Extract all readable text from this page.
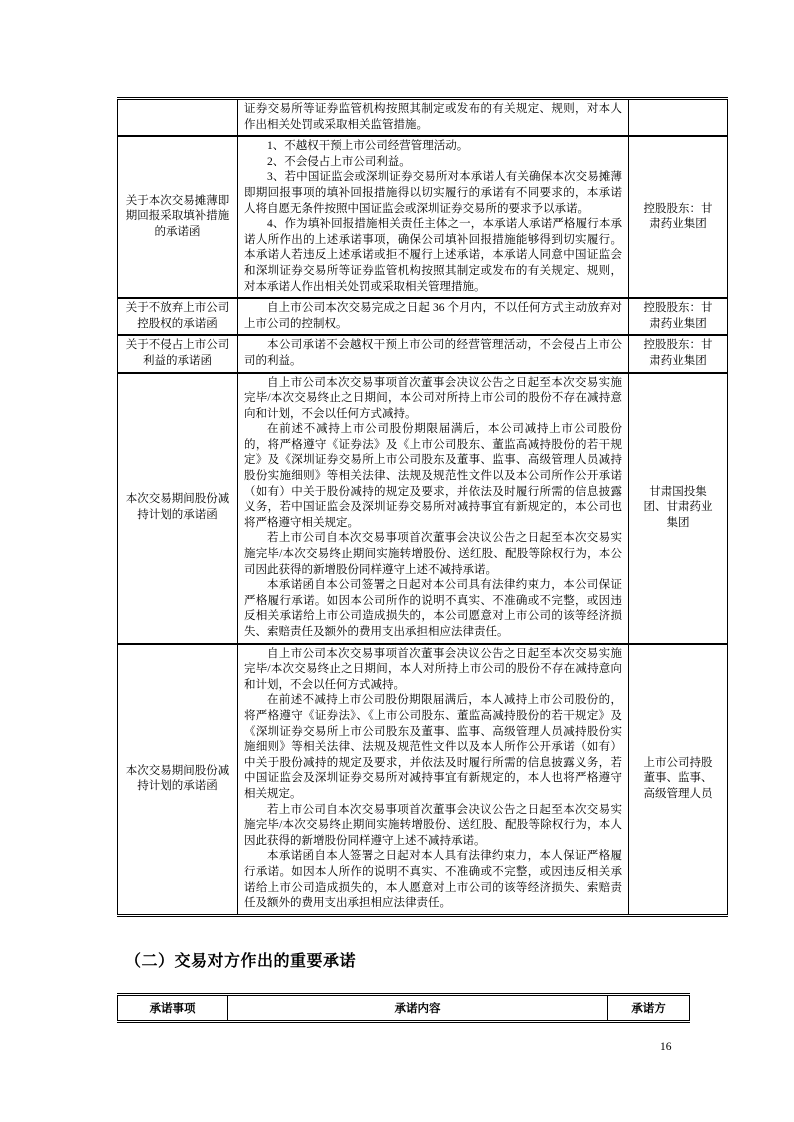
	证券交易所等证券监管机构按照其制定或发布的有关规定、规则，对本人作出相关处罚或采取相关监管措施。	

关于本次交易摊薄即期回报采取填补措施的承诺函	1、不越权干预上市公司经营管理活动。

2、不会侵占上市公司利益。

3、若中国证监会或深圳证券交易所对本承诺人有关确保本次交易摊薄即期回报事项的填补回报措施得以切实履行的承诺有不同要求的，本承诺人将自愿无条件按照中国证监会或深圳证券交易所的要求予以承诺。

4、作为填补回报措施相关责任主体之一，本承诺人承诺严格履行本承诺人所作出的上述承诺事项，确保公司填补回报措施能够得到切实履行。本承诺人若违反上述承诺或拒不履行上述承诺，本承诺人同意中国证监会和深圳证券交易所等证券监管机构按照其制定或发布的有关规定、规则，对本承诺人作出相关处罚或采取相关管理措施。	控股股东：甘肃药业集团
关于不放弃上市公司控股权的承诺函	自上市公司本次交易完成之日起 36 个月内，不以任何方式主动放弃对上市公司的控制权。	控股股东：甘肃药业集团
关于不侵占上市公司利益的承诺函	本公司承诺不会越权干预上市公司的经营管理活动，不会侵占上市公司的利益。	控股股东：甘肃药业集团
本次交易期间股份减持计划的承诺函	自上市公司本次交易事项首次董事会决议公告之日起至本次交易实施完毕/本次交易终止之日期间，本公司对所持上市公司的股份不存在减持意向和计划，不会以任何方式减持。

在前述不减持上市公司股份期限届满后，本公司减持上市公司股份的，将严格遵守《证券法》及《上市公司股东、董监高减持股份的若干规定》及《深圳证券交易所上市公司股东及董事、监事、高级管理人员减持股份实施细则》等相关法律、法规及规范性文件以及本公司所作公开承诺（如有）中关于股份减持的规定及要求，并依法及时履行所需的信息披露义务，若中国证监会及深圳证券交易所对减持事宜有新规定的，本公司也将严格遵守相关规定。

若上市公司自本次交易事项首次董事会决议公告之日起至本次交易实施完毕/本次交易终止期间实施转增股份、送红股、配股等除权行为，本公司因此获得的新增股份同样遵守上述不减持承诺。

本承诺函自本公司签署之日起对本公司具有法律约束力，本公司保证严格履行承诺。如因本公司所作的说明不真实、不准确或不完整，或因违反相关承诺给上市公司造成损失的，本公司愿意对上市公司的该等经济损失、索赔责任及额外的费用支出承担相应法律责任。	甘肃国投集团、甘肃药业集团
本次交易期间股份减持计划的承诺函	自上市公司本次交易事项首次董事会决议公告之日起至本次交易实施完毕/本次交易终止之日期间，本人对所持上市公司的股份不存在减持意向和计划，不会以任何方式减持。

在前述不减持上市公司股份期限届满后，本人减持上市公司股份的，将严格遵守《证券法》、《上市公司股东、董监高减持股份的若干规定》及《深圳证券交易所上市公司股东及董事、监事、高级管理人员减持股份实施细则》等相关法律、法规及规范性文件以及本人所作公开承诺（如有）中关于股份减持的规定及要求，并依法及时履行所需的信息披露义务，若中国证监会及深圳证券交易所对减持事宜有新规定的，本人也将严格遵守相关规定。

若上市公司自本次交易事项首次董事会决议公告之日起至本次交易实施完毕/本次交易终止期间实施转增股份、送红股、配股等除权行为，本人因此获得的新增股份同样遵守上述不减持承诺。

本承诺函自本人签署之日起对本人具有法律约束力，本人保证严格履行承诺。如因本人所作的说明不真实、不准确或不完整，或因违反相关承诺给上市公司造成损失的，本人愿意对上市公司的该等经济损失、索赔责任及额外的费用支出承担相应法律责任。	上市公司持股董事、监事、高级管理人员
（二）交易对方作出的重要承诺
承诺事项	承诺内容	承诺方
16
